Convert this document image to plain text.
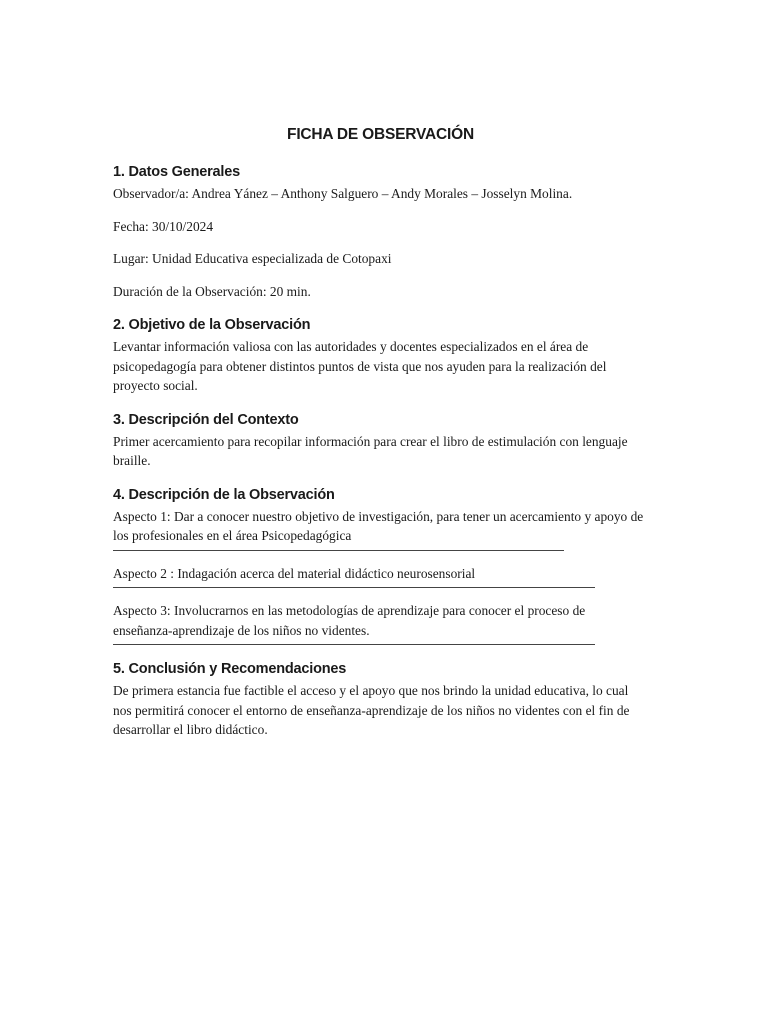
FICHA DE OBSERVACIÓN
1. Datos Generales

Observador/a: Andrea Yánez – Anthony Salguero – Andy Morales – Josselyn Molina.

Fecha: 30/10/2024

Lugar: Unidad Educativa especializada de Cotopaxi

Duración de la Observación: 20 min.

2. Objetivo de la Observación

Levantar información valiosa con las autoridades y docentes especializados en el área de psicopedagogía para obtener distintos puntos de vista que nos ayuden para la realización del proyecto social.

3. Descripción del Contexto

Primer acercamiento para recopilar información para crear el libro de estimulación con lenguaje braille.

4. Descripción de la Observación

Aspecto 1: Dar a conocer nuestro objetivo de investigación, para tener un acercamiento y apoyo de los profesionales en el área Psicopedagógica

Aspecto 2 : Indagación acerca del material didáctico neurosensorial

Aspecto 3: Involucrarnos en las metodologías de aprendizaje para conocer el proceso de enseñanza-aprendizaje de los niños no videntes.

5. Conclusión y Recomendaciones

De primera estancia fue factible el acceso y el apoyo que nos brindo la unidad educativa, lo cual nos permitirá conocer el entorno de enseñanza-aprendizaje de los niños no videntes con el fin de desarrollar el libro didáctico.
